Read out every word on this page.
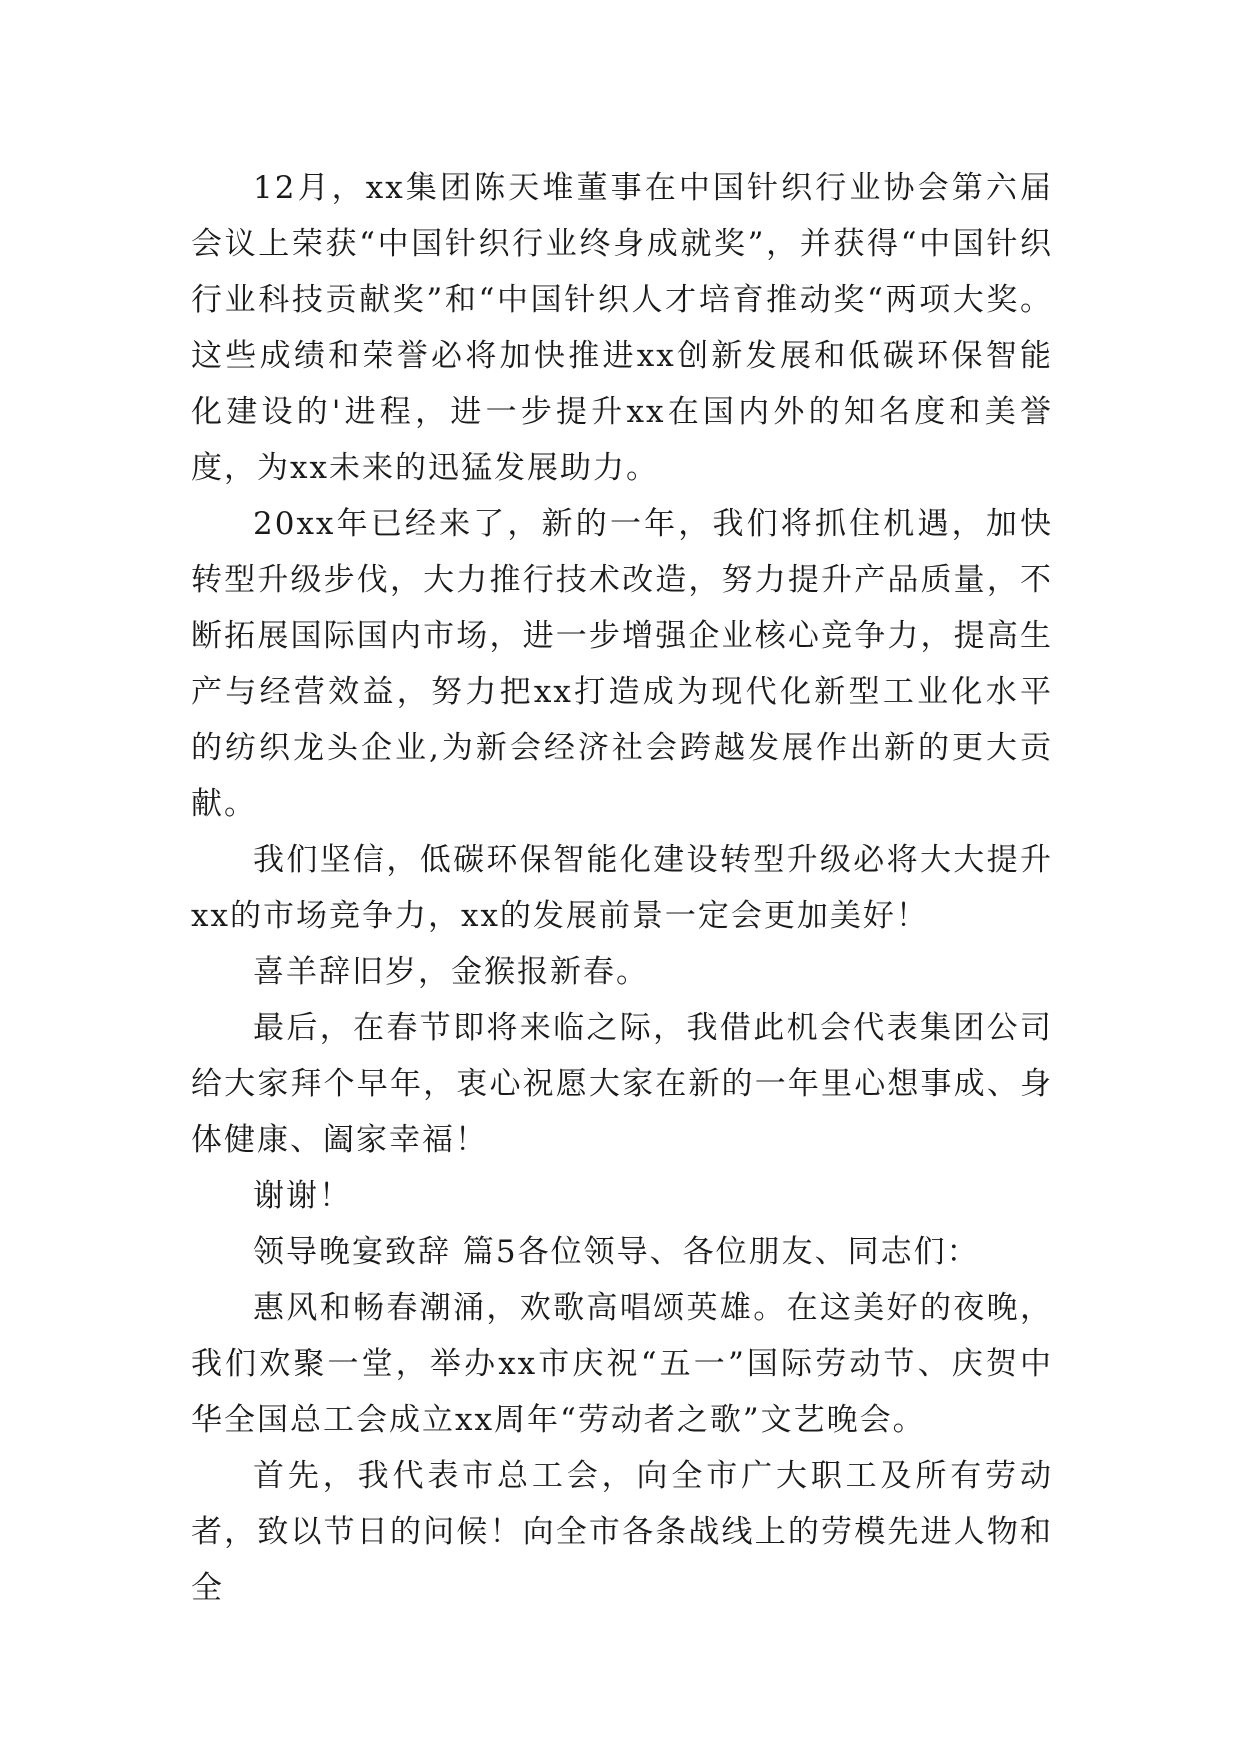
12月，xx集团陈天堆董事在中国针织行业协会第六届会议上荣获“中国针织行业终身成就奖”，并获得“中国针织行业科技贡献奖”和“中国针织人才培育推动奖“两项大奖。这些成绩和荣誉必将加快推进xx创新发展和低碳环保智能化建设的'进程，进一步提升xx在国内外的知名度和美誉度，为xx未来的迅猛发展助力。

20xx年已经来了，新的一年，我们将抓住机遇，加快转型升级步伐，大力推行技术改造，努力提升产品质量，不断拓展国际国内市场，进一步增强企业核心竞争力，提高生产与经营效益，努力把xx打造成为现代化新型工业化水平的纺织龙头企业,为新会经济社会跨越发展作出新的更大贡献。

我们坚信，低碳环保智能化建设转型升级必将大大提升xx的市场竞争力，xx的发展前景一定会更加美好！

喜羊辞旧岁，金猴报新春。

最后，在春节即将来临之际，我借此机会代表集团公司给大家拜个早年，衷心祝愿大家在新的一年里心想事成、身体健康、阖家幸福！

谢谢！

领导晚宴致辞 篇5各位领导、各位朋友、同志们：

惠风和畅春潮涌，欢歌高唱颂英雄。在这美好的夜晚，我们欢聚一堂，举办xx市庆祝“五一”国际劳动节、庆贺中华全国总工会成立xx周年“劳动者之歌”文艺晚会。

首先，我代表市总工会，向全市广大职工及所有劳动者，致以节日的问候！向全市各条战线上的劳模先进人物和全
